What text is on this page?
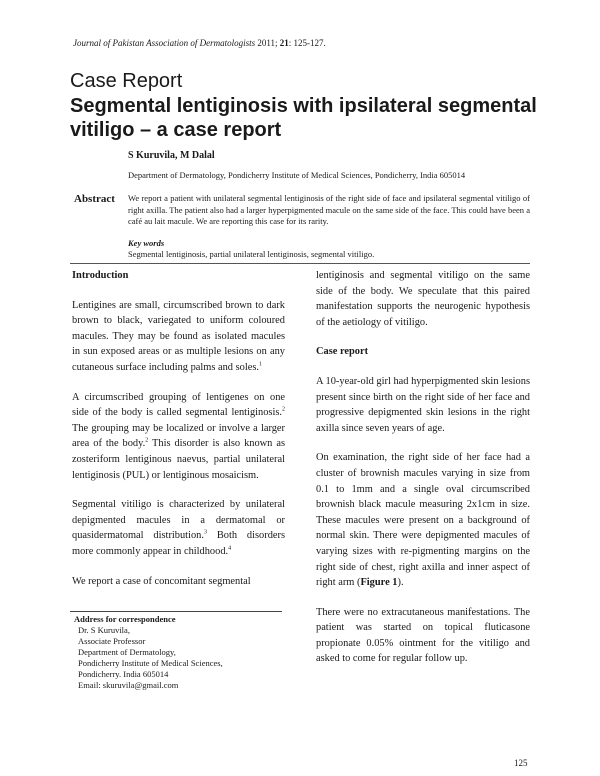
Journal of Pakistan Association of Dermatologists 2011; 21: 125-127.
Case Report
Segmental lentiginosis with ipsilateral segmental vitiligo – a case report
S Kuruvila, M Dalal
Department of Dermatology, Pondicherry Institute of Medical Sciences, Pondicherry, India 605014
Abstract We report a patient with unilateral segmental lentiginosis of the right side of face and ipsilateral segmental vitiligo of right axilla. The patient also had a larger hyperpigmented macule on the same side of the face. This could have been a café au lait macule. We are reporting this case for its rarity.
Key words
Segmental lentiginosis, partial unilateral lentiginosis, segmental vitiligo.
Introduction

Lentigines are small, circumscribed brown to dark brown to black, variegated to uniform coloured macules. They may be found as isolated macules in sun exposed areas or as multiple lesions on any cutaneous surface including palms and soles.$^1$

A circumscribed grouping of lentigenes on one side of the body is called segmental lentiginosis.$^2$ The grouping may be localized or involve a larger area of the body.$^2$ This disorder is also known as zosteriform lentiginous naevus, partial unilateral lentiginosis (PUL) or lentiginous mosaicism.

Segmental vitiligo is characterized by unilateral depigmented macules in a dermatomal or quasidermatomal distribution.$^3$ Both disorders more commonly appear in childhood.$^4$

We report a case of concomitant segmental

lentiginosis and segmental vitiligo on the same side of the body. We speculate that this paired manifestation supports the neurogenic hypothesis of the aetiology of vitiligo.

Case report

A 10-year-old girl had hyperpigmented skin lesions present since birth on the right side of her face and progressive depigmented skin lesions in the right axilla since seven years of age.

On examination, the right side of her face had a cluster of brownish macules varying in size from 0.1 to 1mm and a single oval circumscribed brownish black macule measuring 2x1cm in size. These macules were present on a background of normal skin. There were depigmented macules of varying sizes with re-pigmenting margins on the right side of chest, right axilla and inner aspect of right arm (Figure 1).

There were no extracutaneous manifestations. The patient was started on topical fluticasone propionate 0.05% ointment for the vitiligo and asked to come for regular follow up.

Address for correspondence
Dr. S Kuruvila,
Associate Professor
Department of Dermatology,
Pondicherry Institute of Medical Sciences,
Pondicherry. India 605014
Email: skuruvila@gmail.com
125
